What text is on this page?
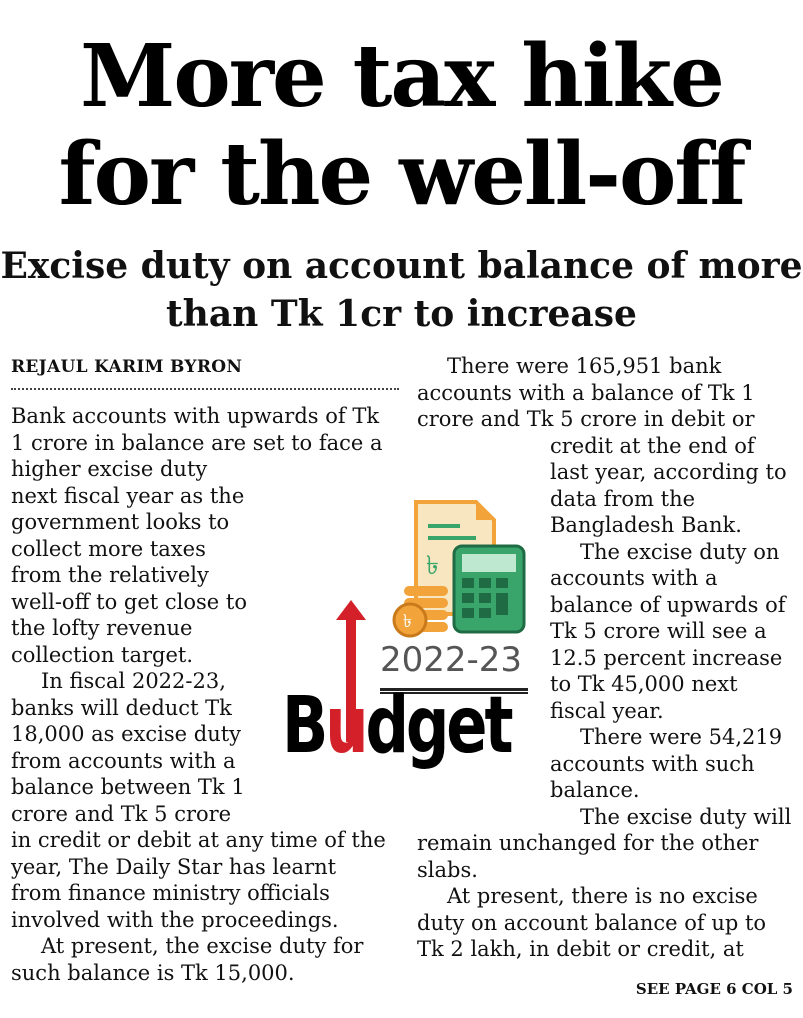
More tax hike for the well-off
Excise duty on account balance of more than Tk 1cr to increase
REJAUL KARIM BYRON

Bank accounts with upwards of Tk 1 crore in balance are set to face a higher excise duty next fiscal year as the government looks to collect more taxes from the relatively well-off to get close to the lofty revenue collection target.

In fiscal 2022-23, banks will deduct Tk 18,000 as excise duty from accounts with a balance between Tk 1 crore and Tk 5 crore in credit or debit at any time of the year, The Daily Star has learnt from finance ministry officials involved with the proceedings.

At present, the excise duty for such balance is Tk 15,000.

There were 165,951 bank accounts with a balance of Tk 1 crore and Tk 5 crore in debit or credit at the end of last year, according to data from the Bangladesh Bank.

The excise duty on accounts with a balance of upwards of Tk 5 crore will see a 12.5 percent increase to Tk 45,000 next fiscal year.

There were 54,219 accounts with such balance.

The excise duty will remain unchanged for the other slabs.

At present, there is no excise duty on account balance of up to Tk 2 lakh, in debit or credit, at

৳
৳
2022-23
Budget
SEE PAGE 6 COL 5
